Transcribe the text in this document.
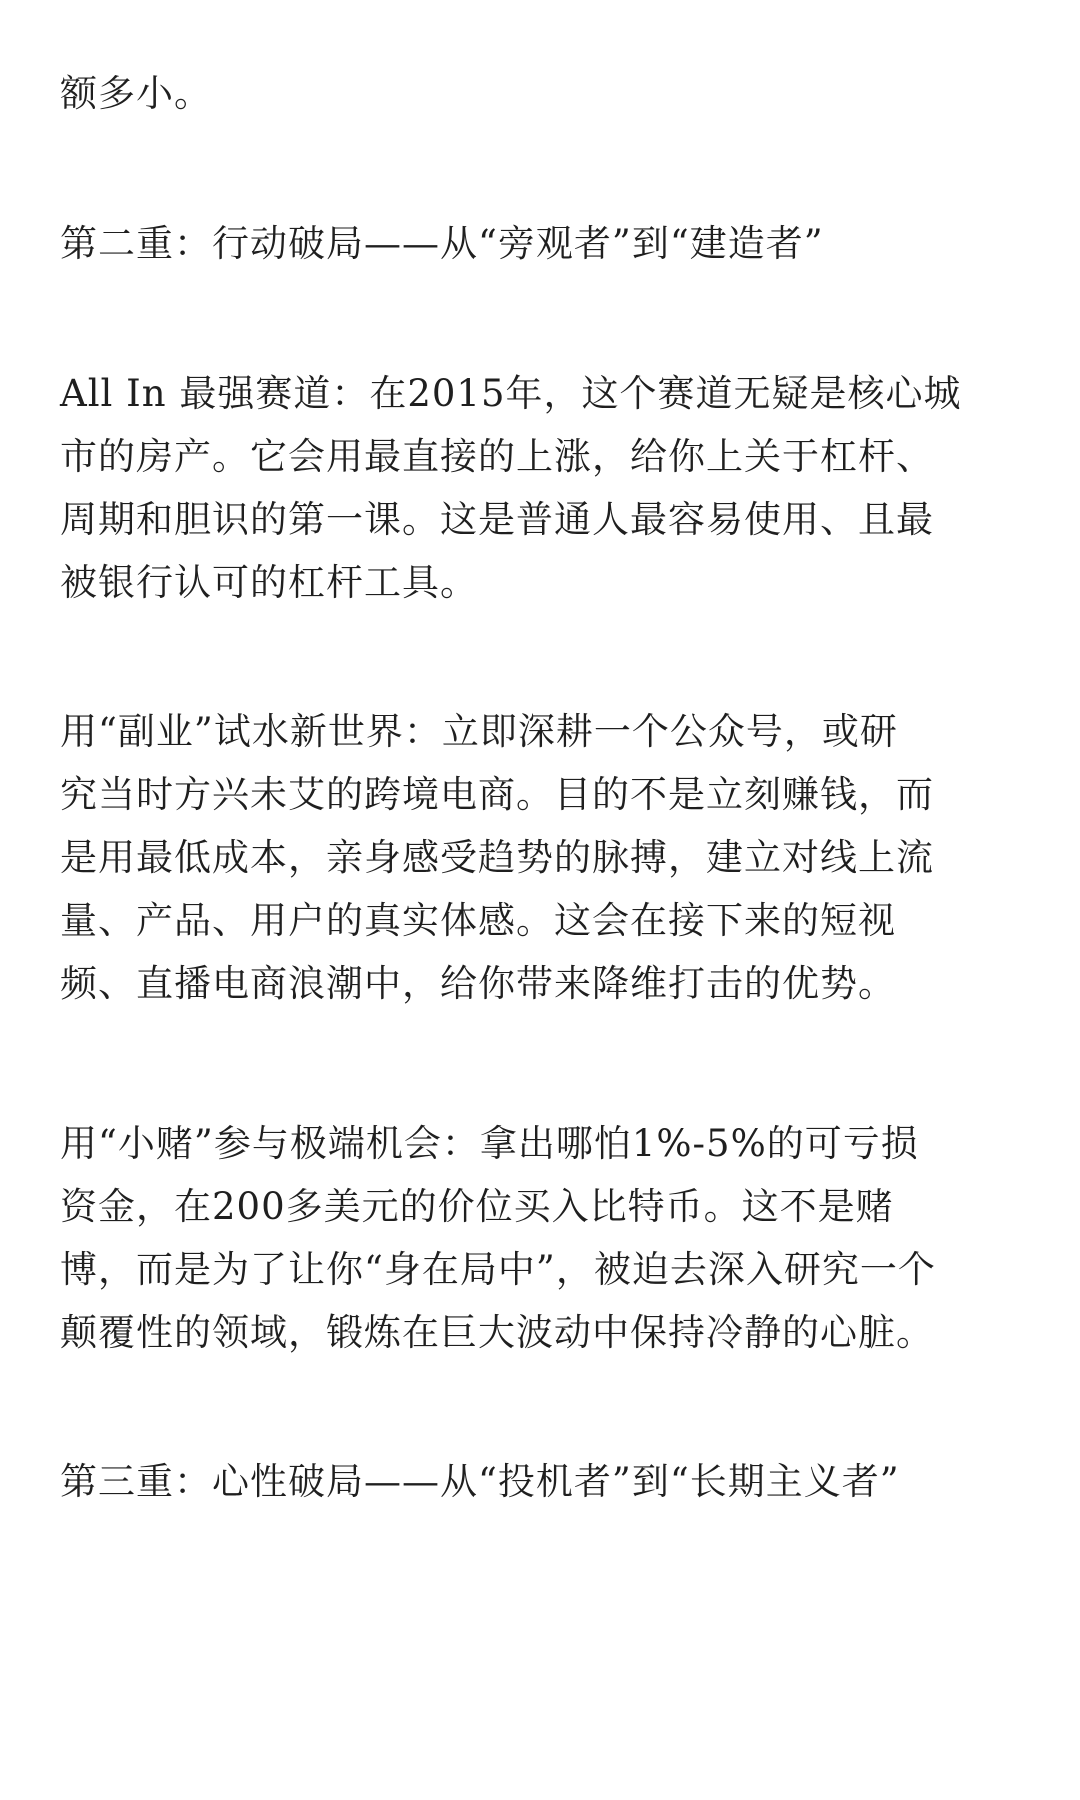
额多小。

第二重：行动破局——从“旁观者”到“建造者”

All In 最强赛道：在2015年，这个赛道无疑是核心城
市的房产。它会用最直接的上涨，给你上关于杠杆、
周期和胆识的第一课。这是普通人最容易使用、且最
被银行认可的杠杆工具。

用“副业”试水新世界：立即深耕一个公众号，或研
究当时方兴未艾的跨境电商。目的不是立刻赚钱，而
是用最低成本，亲身感受趋势的脉搏，建立对线上流
量、产品、用户的真实体感。这会在接下来的短视
频、直播电商浪潮中，给你带来降维打击的优势。

用“小赌”参与极端机会：拿出哪怕1%-5%的可亏损
资金，在200多美元的价位买入比特币。这不是赌
博，而是为了让你“身在局中”，被迫去深入研究一个
颠覆性的领域，锻炼在巨大波动中保持冷静的心脏。

第三重：心性破局——从“投机者”到“长期主义者”
